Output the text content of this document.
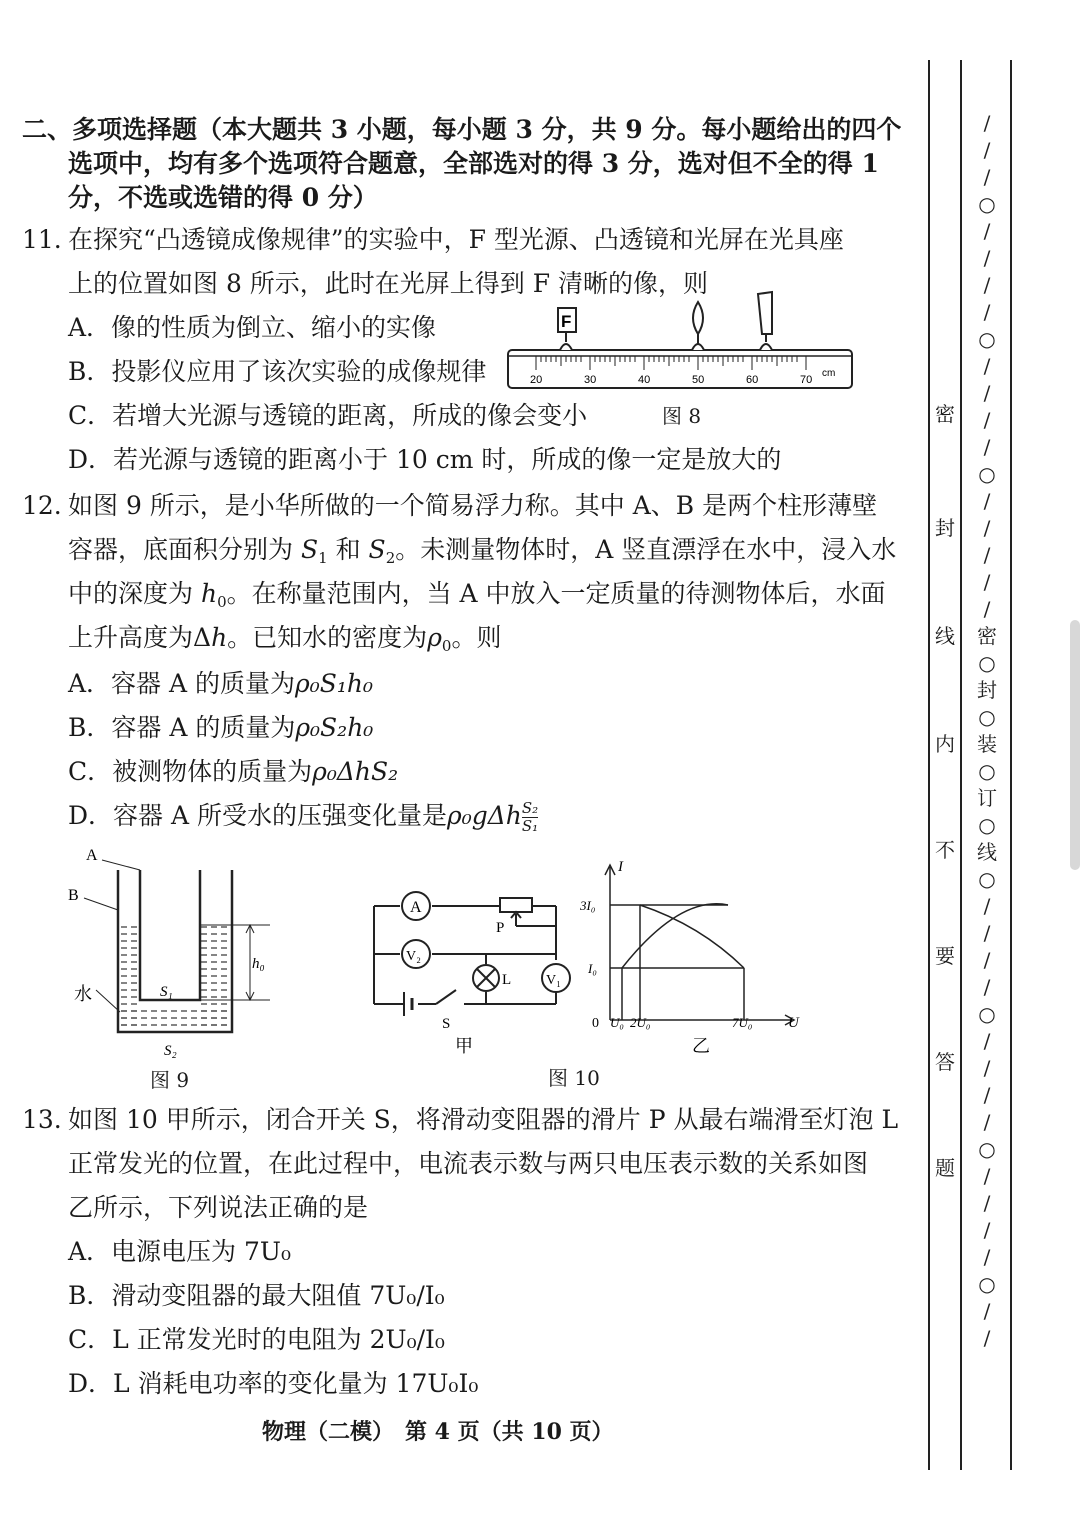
二、多项选择题（本大题共 3 小题，每小题 3 分，共 9 分。每小题给出的四个
选项中，均有多个选项符合题意，全部选对的得 3 分，选对但不全的得 1
分，不选或选错的得 0 分）
11. 在探究“凸透镜成像规律”的实验中，F 型光源、凸透镜和光屏在光具座
上的位置如图 8 所示，此时在光屏上得到 F 清晰的像，则
A．像的性质为倒立、缩小的实像
B．投影仪应用了该次实验的成像规律
C．若增大光源与透镜的距离，所成的像会变小
D．若光源与透镜的距离小于 10 cm 时，所成的像一定是放大的
20	30	40	50	60	70
cm
F
图 8
12. 如图 9 所示，是小华所做的一个简易浮力称。其中 A、B 是两个柱形薄壁
容器，底面积分别为 $S_1$ 和 $S_2$。未测量物体时，A 竖直漂浮在水中，浸入水
中的深度为 $h_0$。在称量范围内，当 A 中放入一定质量的待测物体后，水面
上升高度为Δh。已知水的密度为$\rho_0$。则
A．容器 A 的质量为ρ₀S₁h₀
B．容器 A 的质量为ρ₀S₂h₀
C．被测物体的质量为ρ₀ΔhS₂
D．容器 A 所受水的压强变化量是$\rho_0g\Delta h \frac{\text{S₂}}{\text{S₁}}$
A
B
水	S₁
S₂
h₀
图 9
A
V₂
L V₁
P
S
甲
I
U
3I₀
I₀
0 U₀ 2U₀	7U₀
乙
图 10
13. 如图 10 甲所示，闭合开关 S，将滑动变阻器的滑片 P 从最右端滑至灯泡 L
正常发光的位置，在此过程中，电流表示数与两只电压表示数的关系如图
乙所示，下列说法正确的是
A．电源电压为 7U₀
B．滑动变阻器的最大阻值 7U₀/I₀
C．L 正常发光时的电阻为 2U₀/I₀
D．L 消耗电功率的变化量为 17U₀I₀
物理（二模）　第 4 页（共 10 页）
密
封
线
内
不
要
答
题
/
/
/
○
/
/
/
/
○
/
/
/
/
○
/
/
/
/
/
密
○
封
○
装
○
订
○
线
○
/
/
/
/
○
/
/
/
/
○
/
/
/
/
○
/
/
